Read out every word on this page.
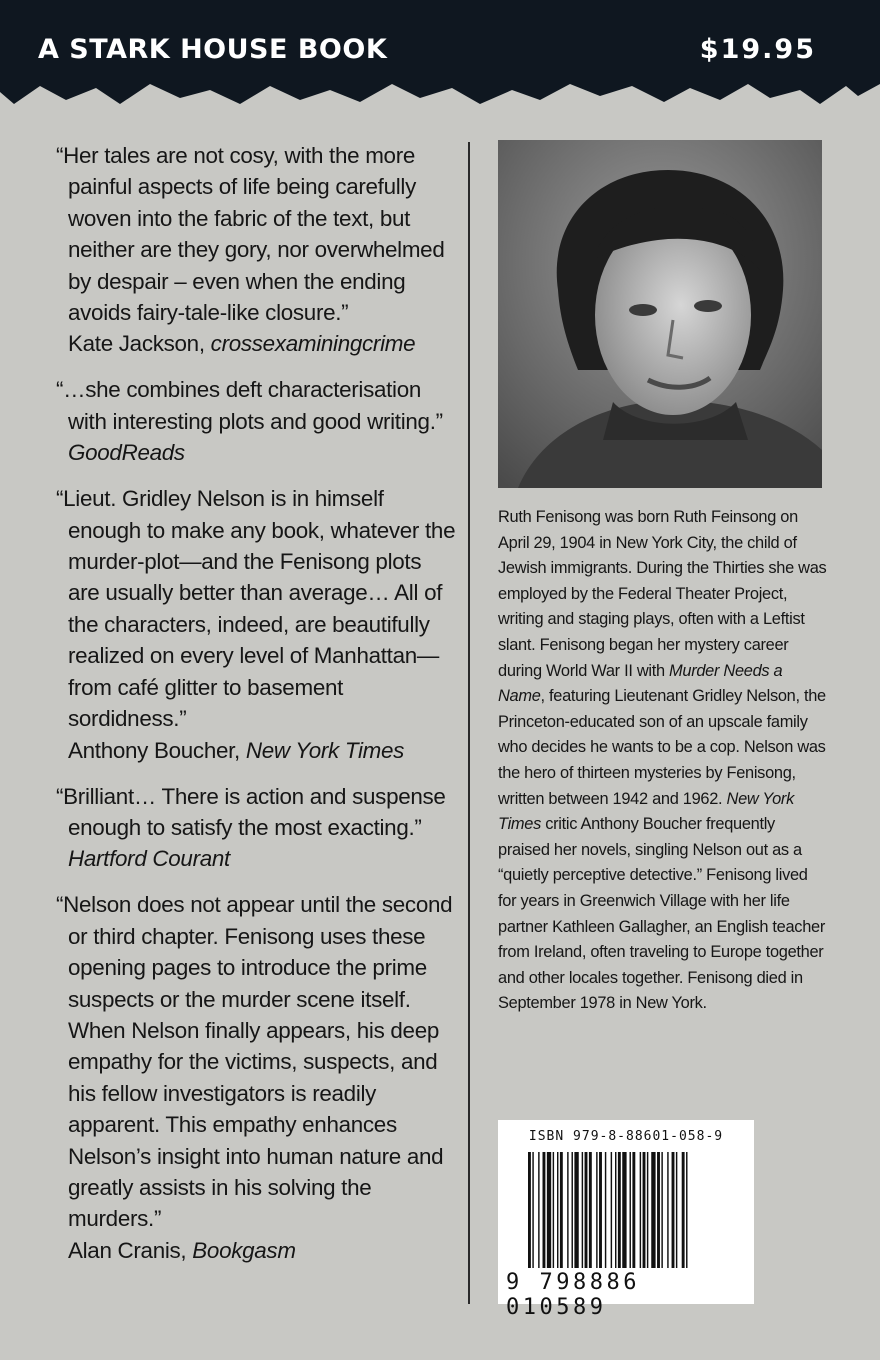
A STARK HOUSE BOOK	$19.95

“Her tales are not cosy, with the more painful aspects of life being carefully woven into the fabric of the text, but neither are they gory, nor overwhelmed by despair – even when the ending avoids fairy-tale-like closure.”
Kate Jackson, crossexaminingcrime

“…she combines deft characterisation with interesting plots and good writing.” GoodReads

“Lieut. Gridley Nelson is in himself enough to make any book, whatever the murder-plot—and the Fenisong plots are usually better than average… All of the characters, indeed, are beautifully realized on every level of Manhattan—from café glitter to basement sordidness.”
Anthony Boucher, New York Times

“Brilliant… There is action and suspense enough to satisfy the most exacting.” Hartford Courant

“Nelson does not appear until the second or third chapter. Fenisong uses these opening pages to introduce the prime suspects or the murder scene itself. When Nelson finally appears, his deep empathy for the victims, suspects, and his fellow investigators is readily apparent. This empathy enhances Nelson’s insight into human nature and greatly assists in his solving the murders.”
Alan Cranis, Bookgasm

Ruth Fenisong was born Ruth Feinsong on April 29, 1904 in New York City, the child of Jewish immigrants. During the Thirties she was employed by the Federal Theater Project, writing and staging plays, often with a Leftist slant. Fenisong began her mystery career during World War II with Murder Needs a Name, featuring Lieutenant Gridley Nelson, the Princeton-educated son of an upscale family who decides he wants to be a cop. Nelson was the hero of thirteen mysteries by Fenisong, written between 1942 and 1962. New York Times critic Anthony Boucher frequently praised her novels, singling Nelson out as a “quietly perceptive detective.” Fenisong lived for years in Greenwich Village with her life partner Kathleen Gallagher, an English teacher from Ireland, often traveling to Europe together and other locales together. Fenisong died in September 1978 in New York.

ISBN 979-8-88601-058-9
9 798886 010589
